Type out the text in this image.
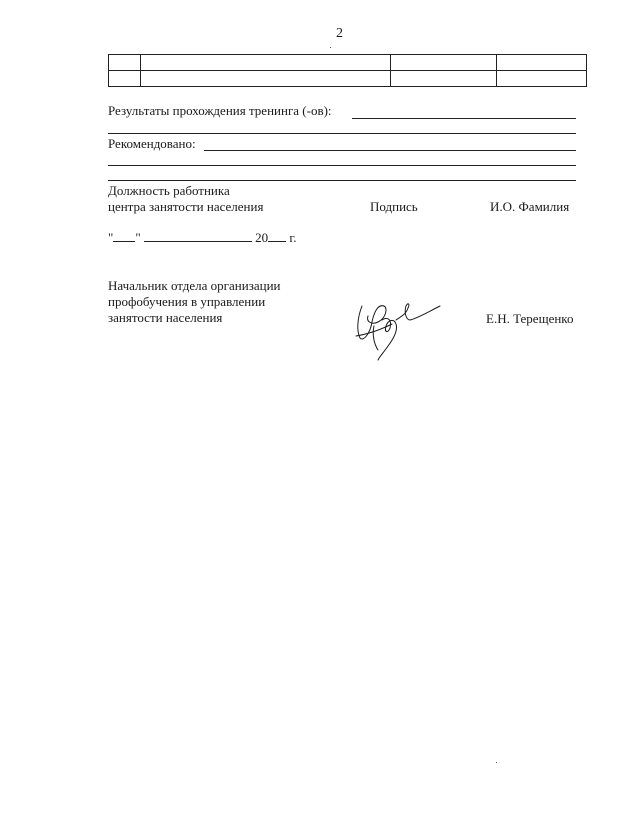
2

Результаты прохождения тренинга (-ов):
Рекомендовано:
Должность работника
центра занятости населения	Подпись	И.О. Фамилия
" "	20 г.
Начальник отдела организации
профобучения в управлении
занятости населения	Е.Н. Терещенко
